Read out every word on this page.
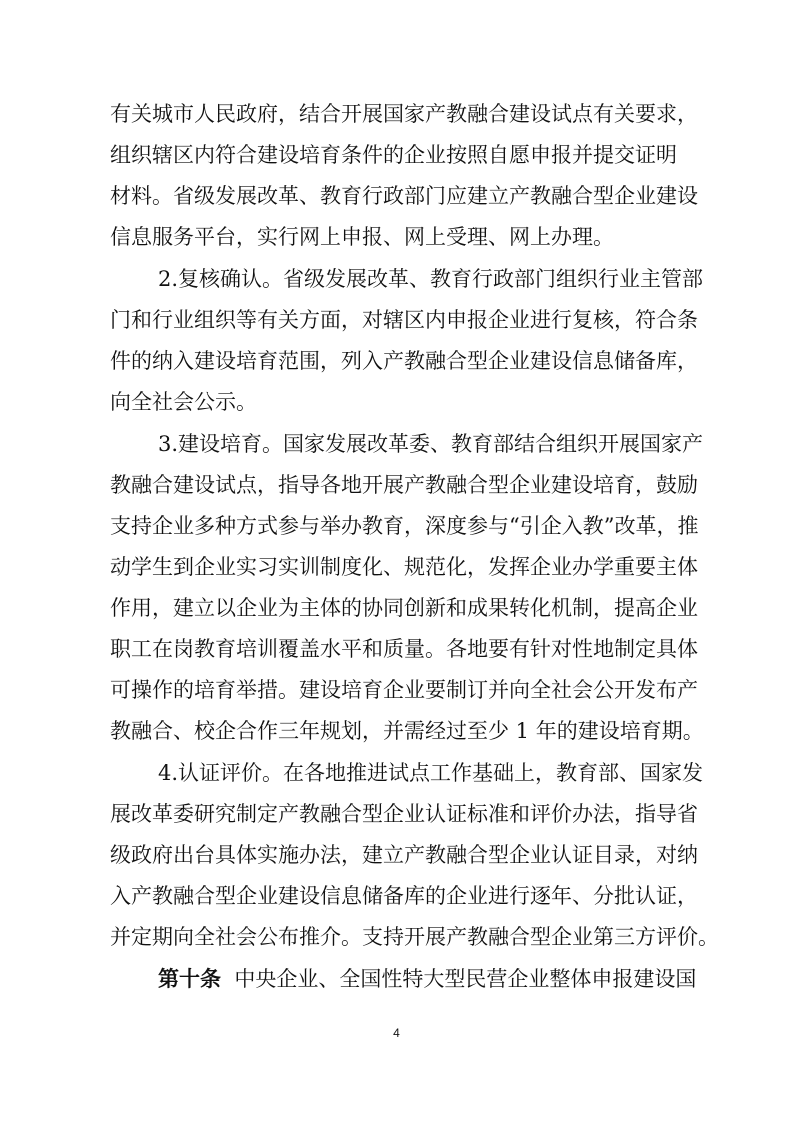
有关城市人民政府，结合开展国家产教融合建设试点有关要求，
组织辖区内符合建设培育条件的企业按照自愿申报并提交证明
材料。省级发展改革、教育行政部门应建立产教融合型企业建设
信息服务平台，实行网上申报、网上受理、网上办理。
2.复核确认。省级发展改革、教育行政部门组织行业主管部
门和行业组织等有关方面，对辖区内申报企业进行复核，符合条
件的纳入建设培育范围，列入产教融合型企业建设信息储备库，
向全社会公示。
3.建设培育。国家发展改革委、教育部结合组织开展国家产
教融合建设试点，指导各地开展产教融合型企业建设培育，鼓励
支持企业多种方式参与举办教育，深度参与“引企入教”改革，推
动学生到企业实习实训制度化、规范化，发挥企业办学重要主体
作用，建立以企业为主体的协同创新和成果转化机制，提高企业
职工在岗教育培训覆盖水平和质量。各地要有针对性地制定具体
可操作的培育举措。建设培育企业要制订并向全社会公开发布产
教融合、校企合作三年规划，并需经过至少 1 年的建设培育期。
4.认证评价。在各地推进试点工作基础上，教育部、国家发
展改革委研究制定产教融合型企业认证标准和评价办法，指导省
级政府出台具体实施办法，建立产教融合型企业认证目录，对纳
入产教融合型企业建设信息储备库的企业进行逐年、分批认证，
并定期向全社会公布推介。支持开展产教融合型企业第三方评价。
第十条  中央企业、全国性特大型民营企业整体申报建设国
4
